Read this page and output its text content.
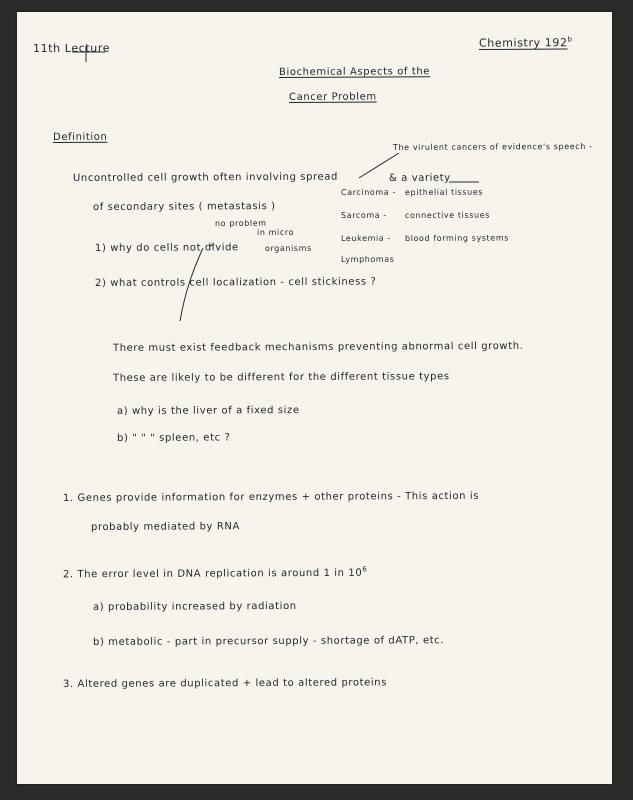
11th Lecture	Chemistry 192$^b$
Biochemical Aspects of the
Cancer Problem
Definition
The virulent cancers of evidence's speech -
Uncontrolled cell growth often involving spread	& a variety
of secondary sites ( metastasis )
Carcinoma - epithelial tissues
Sarcoma - connective tissues
Leukemia - blood forming systems
Lymphomas
no problem
in micro
1) why do cells not divide	organisms
2) what controls cell localization - cell stickiness ?
There must exist feedback mechanisms preventing abnormal cell growth.
These are likely to be different for the different tissue types
a) why is the liver of a fixed size
b) " " " spleen, etc ?
1. Genes provide information for enzymes + other proteins - This action is
probably mediated by RNA
2. The error level in DNA replication is around 1 in $10^6$
a) probability increased by radiation
b) metabolic - part in precursor supply - shortage of dATP, etc.
3. Altered genes are duplicated + lead to altered proteins
